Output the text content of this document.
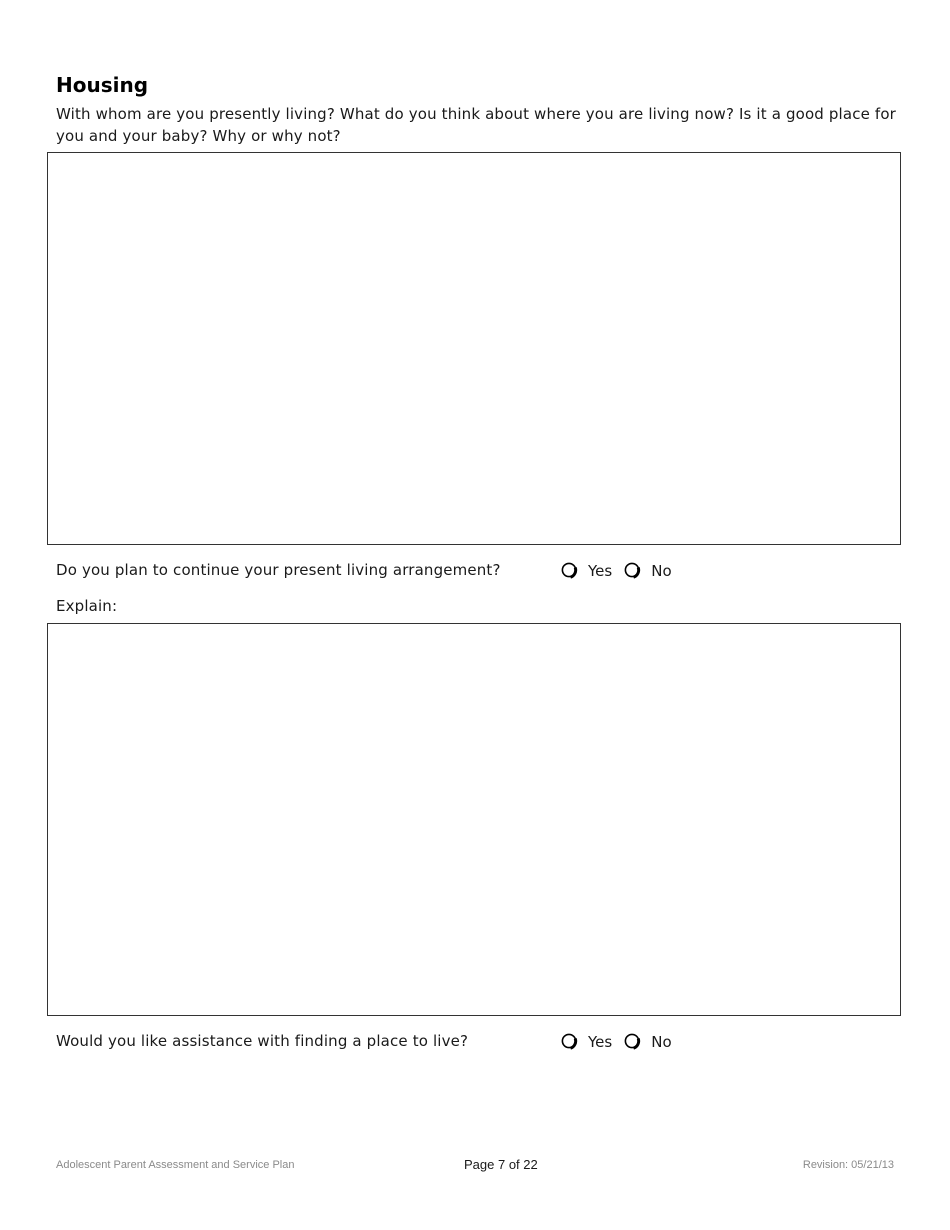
Housing

With whom are you presently living? What do you think about where you are living now? Is it a good place for you and your baby? Why or why not?

Do you plan to continue your present living arrangement?	Yes	No
Explain:
Would you like assistance with finding a place to live?	Yes	No
Adolescent Parent Assessment and Service Plan	Page 7 of 22	Revision: 05/21/13
